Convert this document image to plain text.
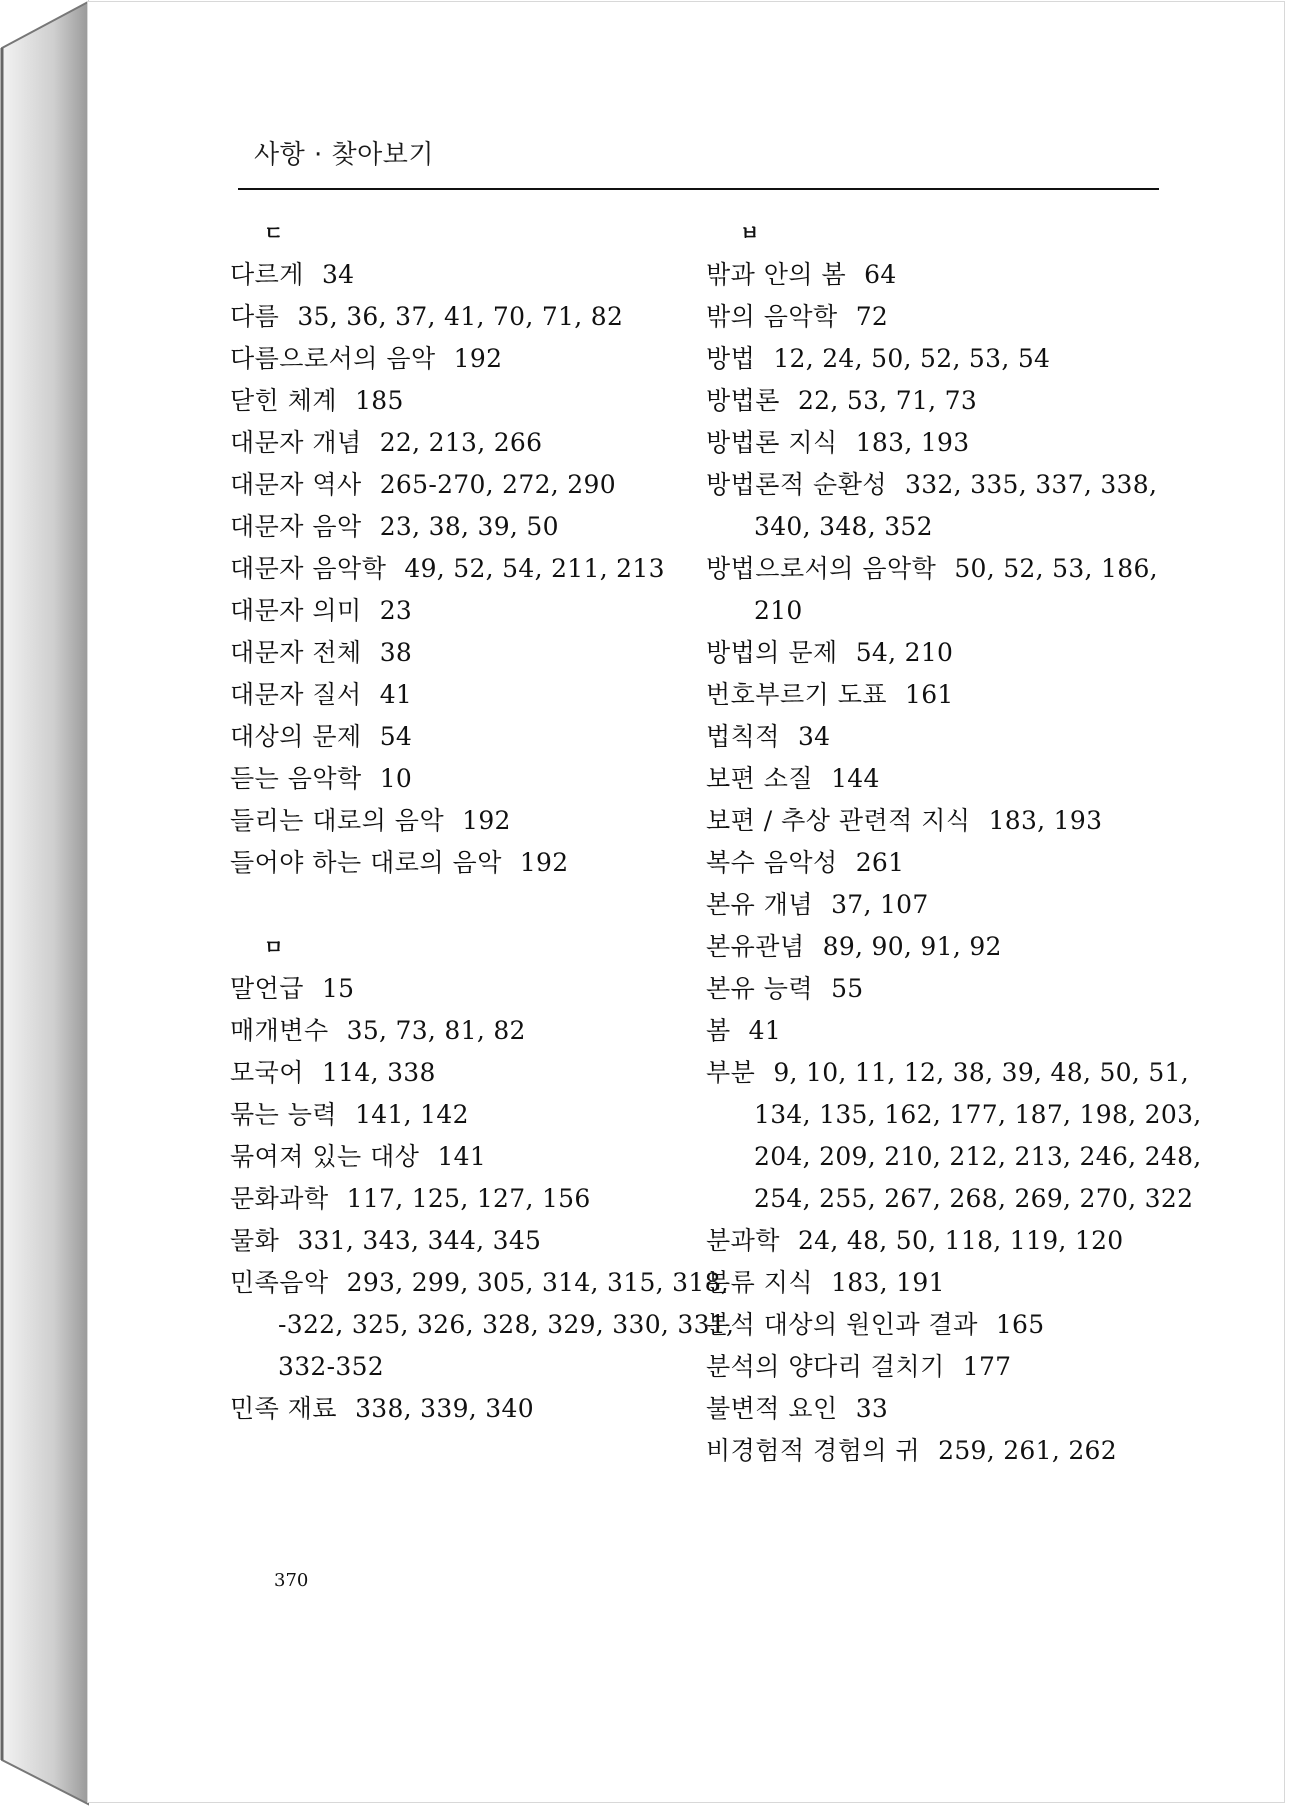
사항 · 찾아보기
ㄷ
다르게 34
다름 35, 36, 37, 41, 70, 71, 82
다름으로서의 음악 192
닫힌 체계 185
대문자 개념 22, 213, 266
대문자 역사 265-270, 272, 290
대문자 음악 23, 38, 39, 50
대문자 음악학 49, 52, 54, 211, 213
대문자 의미 23
대문자 전체 38
대문자 질서 41
대상의 문제 54
듣는 음악학 10
들리는 대로의 음악 192
들어야 하는 대로의 음악 192
ㅁ
말언급 15
매개변수 35, 73, 81, 82
모국어 114, 338
묶는 능력 141, 142
묶여져 있는 대상 141
문화과학 117, 125, 127, 156
물화 331, 343, 344, 345
민족음악 293, 299, 305, 314, 315, 318,
-322, 325, 326, 328, 329, 330, 331,
332-352
민족 재료 338, 339, 340
ㅂ
밖과 안의 봄 64
밖의 음악학 72
방법 12, 24, 50, 52, 53, 54
방법론 22, 53, 71, 73
방법론 지식 183, 193
방법론적 순환성 332, 335, 337, 338,
340, 348, 352
방법으로서의 음악학 50, 52, 53, 186,
210
방법의 문제 54, 210
번호부르기 도표 161
법칙적 34
보편 소질 144
보편 / 추상 관련적 지식 183, 193
복수 음악성 261
본유 개념 37, 107
본유관념 89, 90, 91, 92
본유 능력 55
봄 41
부분 9, 10, 11, 12, 38, 39, 48, 50, 51,
134, 135, 162, 177, 187, 198, 203,
204, 209, 210, 212, 213, 246, 248,
254, 255, 267, 268, 269, 270, 322
분과학 24, 48, 50, 118, 119, 120
분류 지식 183, 191
분석 대상의 원인과 결과 165
분석의 양다리 걸치기 177
불변적 요인 33
비경험적 경험의 귀 259, 261, 262
370
